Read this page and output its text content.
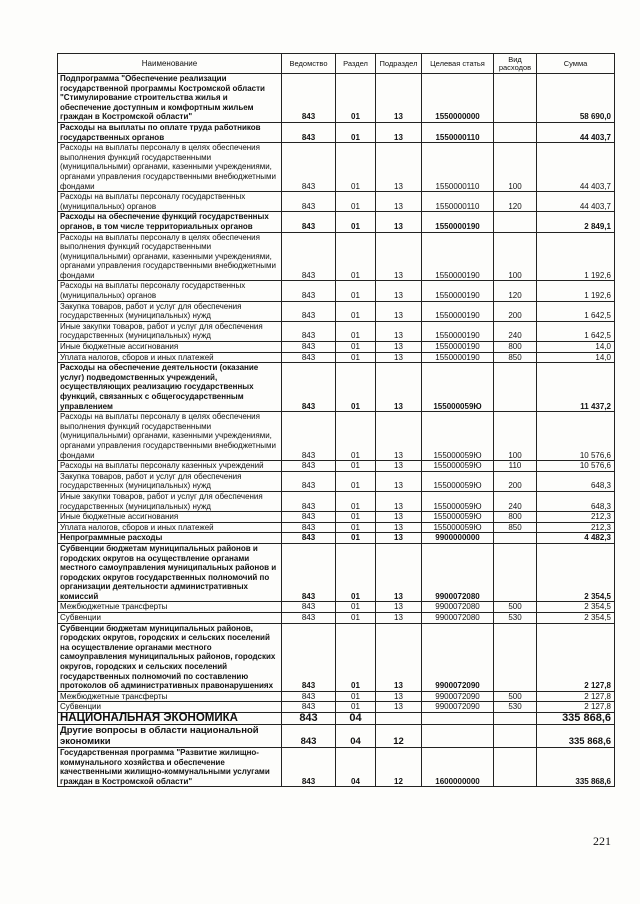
Наименование	Ведомство	Раздел	Подраздел	Целевая статья	Вид расходов	Сумма
Подпрограмма "Обеспечение реализации государственной программы Костромской области "Стимулирование строительства жилья и обеспечение доступным и комфортным жильем граждан в Костромской области"	843	01	13	1550000000		58 690,0
Расходы на выплаты по оплате труда работников государственных органов	843	01	13	1550000110		44 403,7
Расходы на выплаты персоналу в целях обеспечения выполнения функций государственными (муниципальными) органами, казенными учреждениями, органами управления государственными внебюджетными фондами	843	01	13	1550000110	100	44 403,7
Расходы на выплаты персоналу государственных (муниципальных) органов	843	01	13	1550000110	120	44 403,7
Расходы на обеспечение функций государственных органов, в том числе территориальных органов	843	01	13	1550000190		2 849,1
Расходы на выплаты персоналу в целях обеспечения выполнения функций государственными (муниципальными) органами, казенными учреждениями, органами управления государственными внебюджетными фондами	843	01	13	1550000190	100	1 192,6
Расходы на выплаты персоналу государственных (муниципальных) органов	843	01	13	1550000190	120	1 192,6
Закупка товаров, работ и услуг для обеспечения государственных (муниципальных) нужд	843	01	13	1550000190	200	1 642,5
Иные закупки товаров, работ и услуг для обеспечения государственных (муниципальных) нужд	843	01	13	1550000190	240	1 642,5
Иные бюджетные ассигнования	843	01	13	1550000190	800	14,0
Уплата налогов, сборов и иных платежей	843	01	13	1550000190	850	14,0
Расходы на обеспечение деятельности (оказание услуг) подведомственных учреждений, осуществляющих реализацию государственных функций, связанных с общегосударственным управлением	843	01	13	155000059Ю		11 437,2
Расходы на выплаты персоналу в целях обеспечения выполнения функций государственными (муниципальными) органами, казенными учреждениями, органами управления государственными внебюджетными фондами	843	01	13	155000059Ю	100	10 576,6
Расходы на выплаты персоналу казенных учреждений	843	01	13	155000059Ю	110	10 576,6
Закупка товаров, работ и услуг для обеспечения государственных (муниципальных) нужд	843	01	13	155000059Ю	200	648,3
Иные закупки товаров, работ и услуг для обеспечения государственных (муниципальных) нужд	843	01	13	155000059Ю	240	648,3
Иные бюджетные ассигнования	843	01	13	155000059Ю	800	212,3
Уплата налогов, сборов и иных платежей	843	01	13	155000059Ю	850	212,3
Непрограммные расходы	843	01	13	9900000000		4 482,3
Субвенции бюджетам муниципальных районов и городских округов на осуществление органами местного самоуправления муниципальных районов и городских округов государственных полномочий по организации деятельности административных комиссий	843	01	13	9900072080		2 354,5
Межбюджетные трансферты	843	01	13	9900072080	500	2 354,5
Субвенции	843	01	13	9900072080	530	2 354,5
Субвенции бюджетам муниципальных районов, городских округов, городских и сельских поселений на осуществление органами местного самоуправления муниципальных районов, городских округов, городских и сельских поселений государственных полномочий по составлению протоколов об административных правонарушениях	843	01	13	9900072090		2 127,8
Межбюджетные трансферты	843	01	13	9900072090	500	2 127,8
Субвенции	843	01	13	9900072090	530	2 127,8
НАЦИОНАЛЬНАЯ ЭКОНОМИКА	843	04				335 868,6
Другие вопросы в области национальной экономики	843	04	12			335 868,6
Государственная программа "Развитие жилищно-коммунального хозяйства и обеспечение качественными жилищно-коммунальными услугами граждан в Костромской области"	843	04	12	1600000000		335 868,6
221
